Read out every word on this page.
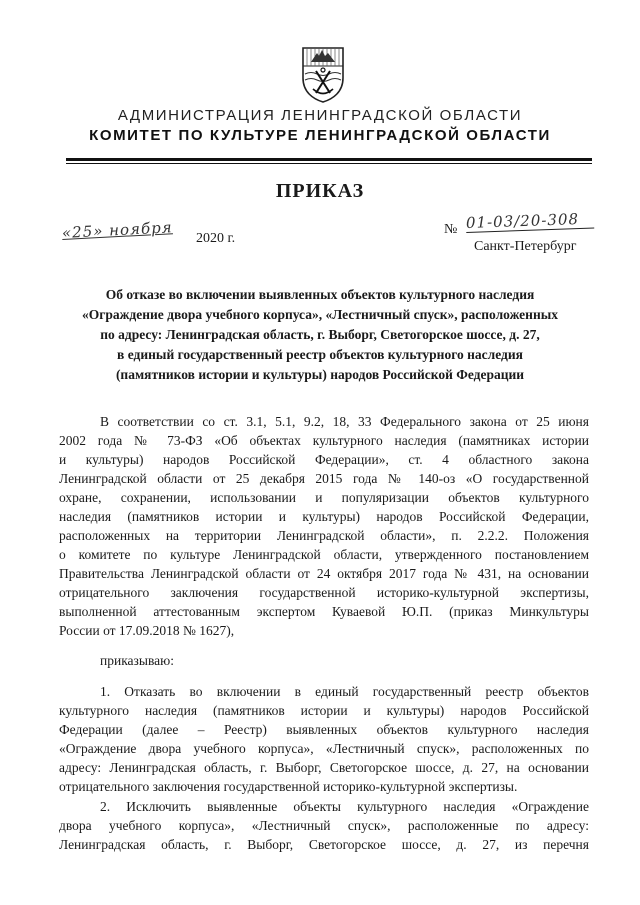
АДМИНИСТРАЦИЯ ЛЕНИНГРАДСКОЙ ОБЛАСТИ
КОМИТЕТ ПО КУЛЬТУРЕ ЛЕНИНГРАДСКОЙ ОБЛАСТИ
ПРИКАЗ
«25» ноября 2020 г.
№ 01-03/20-308
Санкт-Петербург
Об отказе во включении выявленных объектов культурного наследия
«Ограждение двора учебного корпуса», «Лестничный спуск», расположенных
по адресу: Ленинградская область, г. Выборг, Светогорское шоссе, д. 27,
в единый государственный реестр объектов культурного наследия
(памятников истории и культуры) народов Российской Федерации
В соответствии со ст. 3.1, 5.1, 9.2, 18, 33 Федерального закона от 25 июня
2002 года № 73-ФЗ «Об объектах культурного наследия (памятниках истории
и культуры) народов Российской Федерации», ст. 4 областного закона
Ленинградской области от 25 декабря 2015 года № 140-оз «О государственной
охране, сохранении, использовании и популяризации объектов культурного
наследия (памятников истории и культуры) народов Российской Федерации,
расположенных на территории Ленинградской области», п. 2.2.2. Положения
о комитете по культуре Ленинградской области, утвержденного постановлением
Правительства Ленинградской области от 24 октября 2017 года № 431, на основании
отрицательного заключения государственной историко-культурной экспертизы,
выполненной аттестованным экспертом Куваевой Ю.П. (приказ Минкультуры
России от 17.09.2018 № 1627),
приказываю:
1. Отказать во включении в единый государственный реестр объектов
культурного наследия (памятников истории и культуры) народов Российской
Федерации (далее – Реестр) выявленных объектов культурного наследия
«Ограждение двора учебного корпуса», «Лестничный спуск», расположенных по
адресу: Ленинградская область, г. Выборг, Светогорское шоссе, д. 27, на основании
отрицательного заключения государственной историко-культурной экспертизы.
2. Исключить выявленные объекты культурного наследия «Ограждение
двора учебного корпуса», «Лестничный спуск», расположенные по адресу:
Ленинградская область, г. Выборг, Светогорское шоссе, д. 27, из перечня
